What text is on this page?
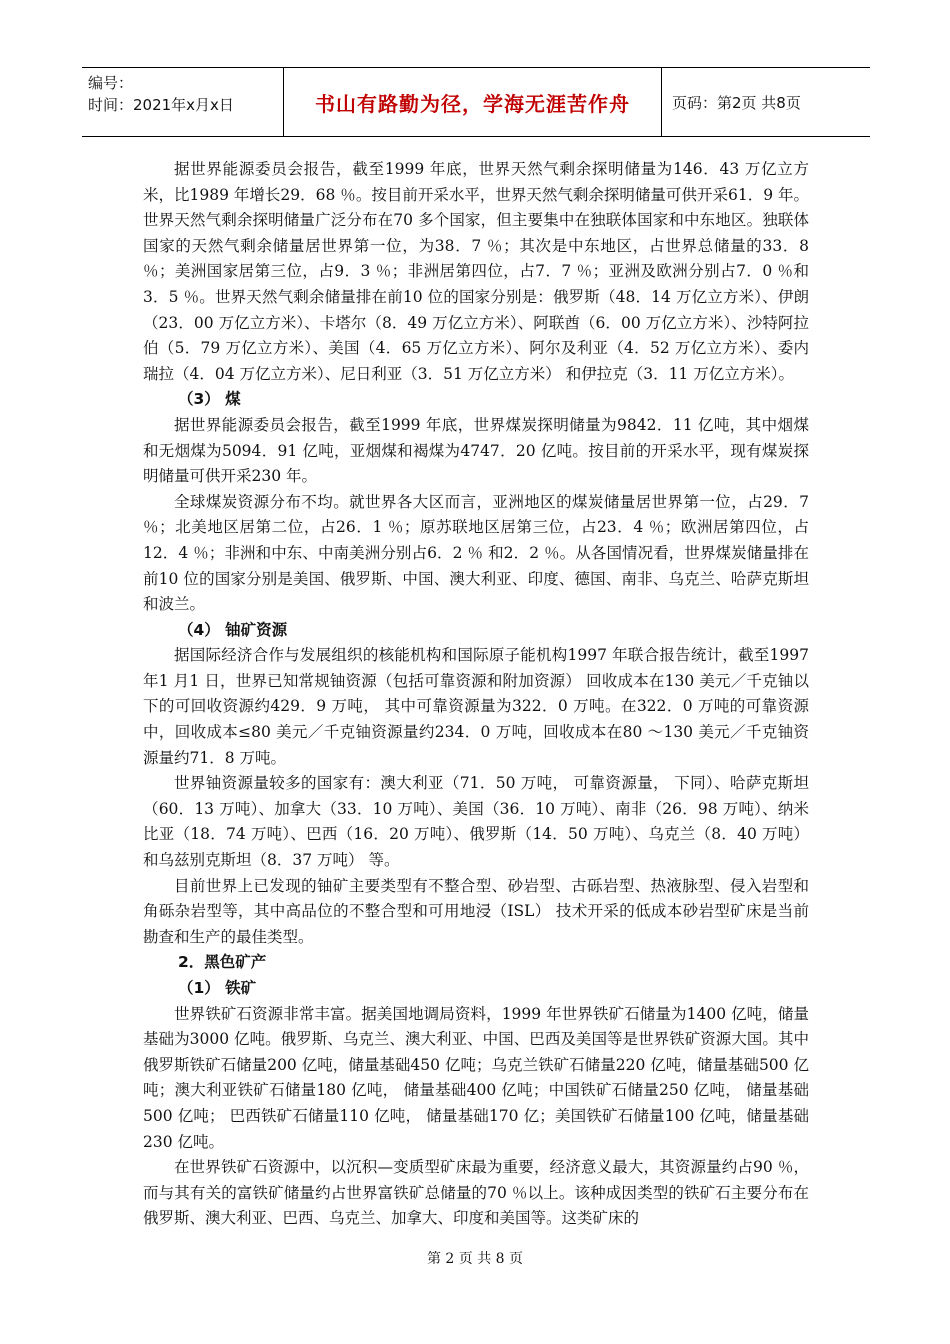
编号：
时间：2021年x月x日	书山有路勤为径，学海无涯苦作舟	页码：第2页 共8页

据世界能源委员会报告，截至1999 年底，世界天然气剩余探明储量为146．43 万亿立方米，比1989 年增长29．68 ％。按目前开采水平，世界天然气剩余探明储量可供开采61．9 年。世界天然气剩余探明储量广泛分布在70 多个国家，但主要集中在独联体国家和中东地区。独联体国家的天然气剩余储量居世界第一位，为38．7 ％；其次是中东地区，占世界总储量的33．8 ％；美洲国家居第三位，占9．3 ％；非洲居第四位，占7．7 ％；亚洲及欧洲分别占7．0 ％和3．5 ％。世界天然气剩余储量排在前10 位的国家分别是：俄罗斯（48．14 万亿立方米）、伊朗（23．00 万亿立方米）、卡塔尔（8．49 万亿立方米）、阿联酋（6．00 万亿立方米）、沙特阿拉伯（5．79 万亿立方米）、美国（4．65 万亿立方米）、阿尔及利亚（4．52 万亿立方米）、委内瑞拉（4．04 万亿立方米）、尼日利亚（3．51 万亿立方米） 和伊拉克（3．11 万亿立方米）。

（3） 煤

据世界能源委员会报告，截至1999 年底，世界煤炭探明储量为9842．11 亿吨，其中烟煤和无烟煤为5094．91 亿吨，亚烟煤和褐煤为4747．20 亿吨。按目前的开采水平，现有煤炭探明储量可供开采230 年。

全球煤炭资源分布不均。就世界各大区而言，亚洲地区的煤炭储量居世界第一位，占29．7 ％；北美地区居第二位，占26．1 ％；原苏联地区居第三位，占23．4 ％；欧洲居第四位，占12．4 ％；非洲和中东、中南美洲分别占6．2 ％ 和2．2 ％。从各国情况看，世界煤炭储量排在前10 位的国家分别是美国、俄罗斯、中国、澳大利亚、印度、德国、南非、乌克兰、哈萨克斯坦和波兰。

（4） 铀矿资源

据国际经济合作与发展组织的核能机构和国际原子能机构1997 年联合报告统计，截至1997 年1 月1 日，世界已知常规铀资源（包括可靠资源和附加资源） 回收成本在130 美元／千克铀以下的可回收资源约429．9 万吨， 其中可靠资源量为322．0 万吨。在322．0 万吨的可靠资源中，回收成本≤80 美元／千克铀资源量约234．0 万吨，回收成本在80 ～130 美元／千克铀资源量约71．8 万吨。

世界铀资源量较多的国家有：澳大利亚（71．50 万吨， 可靠资源量， 下同）、哈萨克斯坦（60．13 万吨）、加拿大（33．10 万吨）、美国（36．10 万吨）、南非（26．98 万吨）、纳米比亚（18．74 万吨）、巴西（16．20 万吨）、俄罗斯（14．50 万吨）、乌克兰（8．40 万吨） 和乌兹别克斯坦（8．37 万吨） 等。

目前世界上已发现的铀矿主要类型有不整合型、砂岩型、古砾岩型、热液脉型、侵入岩型和角砾杂岩型等，其中高品位的不整合型和可用地浸（ISL） 技术开采的低成本砂岩型矿床是当前勘查和生产的最佳类型。

2．黑色矿产

（1） 铁矿

世界铁矿石资源非常丰富。据美国地调局资料，1999 年世界铁矿石储量为1400 亿吨，储量基础为3000 亿吨。俄罗斯、乌克兰、澳大利亚、中国、巴西及美国等是世界铁矿资源大国。其中俄罗斯铁矿石储量200 亿吨，储量基础450 亿吨；乌克兰铁矿石储量220 亿吨，储量基础500 亿吨；澳大利亚铁矿石储量180 亿吨， 储量基础400 亿吨；中国铁矿石储量250 亿吨， 储量基础500 亿吨； 巴西铁矿石储量110 亿吨， 储量基础170 亿；美国铁矿石储量100 亿吨，储量基础230 亿吨。

在世界铁矿石资源中，以沉积—变质型矿床最为重要，经济意义最大，其资源量约占90 ％，而与其有关的富铁矿储量约占世界富铁矿总储量的70 ％以上。该种成因类型的铁矿石主要分布在俄罗斯、澳大利亚、巴西、乌克兰、加拿大、印度和美国等。这类矿床的

第 2 页 共 8 页
